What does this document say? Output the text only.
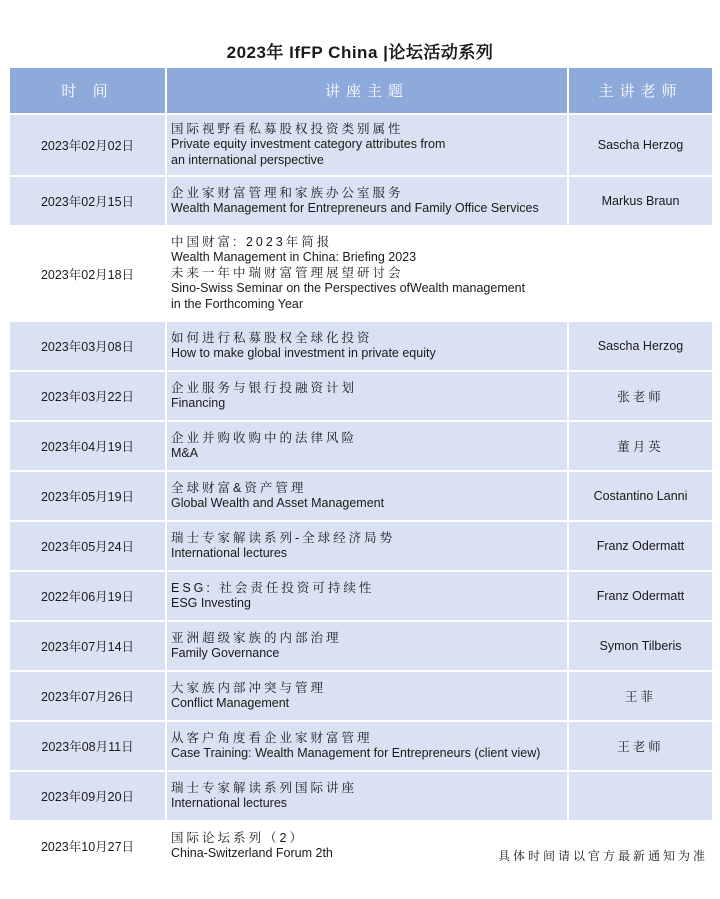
2023年 IfFP China |论坛活动系列
时 间	讲座主题	主讲老师
2023年02月02日	国际视野看私募股权投资类别属性
Private equity investment category attributes from
an international perspective	Sascha Herzog
2023年02月15日	企业家财富管理和家族办公室服务
Wealth Management for Entrepreneurs and Family Office Services	Markus Braun
2023年02月18日	中国财富: 2023年简报
Wealth Management in China: Briefing 2023
未来一年中瑞财富管理展望研讨会
Sino-Swiss Seminar on the Perspectives ofWealth management
in the Forthcoming Year	

2023年03月08日	如何进行私募股权全球化投资
How to make global investment in private equity	Sascha Herzog
2023年03月22日	企业服务与银行投融资计划
Financing	张老师
2023年04月19日	企业并购收购中的法律风险
M&A	董月英
2023年05月19日	全球财富&资产管理
Global Wealth and Asset Management	Costantino Lanni
2023年05月24日	瑞士专家解读系列-全球经济局势
International lectures	Franz Odermatt
2022年06月19日	ESG: 社会责任投资可持续性
ESG Investing	Franz Odermatt
2023年07月14日	亚洲超级家族的内部治理
Family Governance	Symon Tilberis
2023年07月26日	大家族内部冲突与管理
Conflict Management	王菲
2023年08月11日	从客户角度看企业家财富管理
Case Training: Wealth Management for Entrepreneurs (client view)	王老师
2023年09月20日	瑞士专家解读系列国际讲座
International lectures	

2023年10月27日	国际论坛系列（2）
China-Switzerland Forum 2th	
		具体时间请以官方最新通知为准
